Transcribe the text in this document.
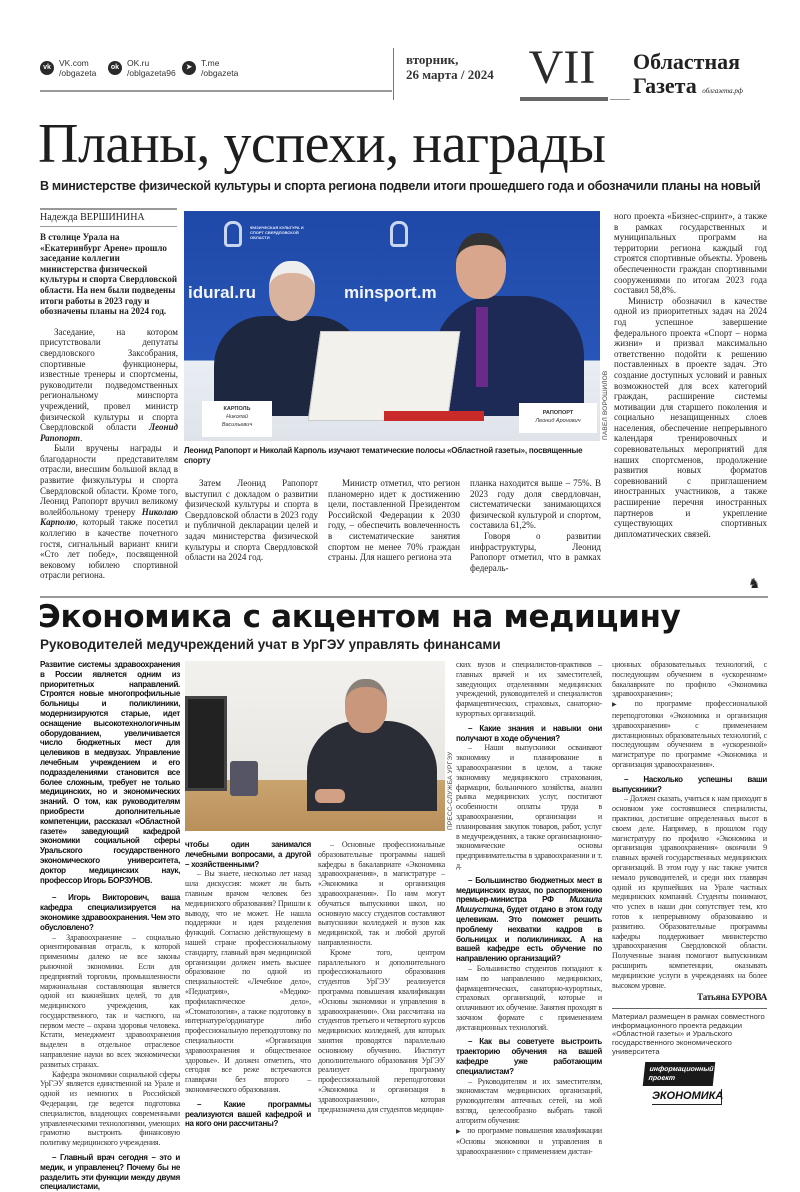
vk VK.com
/obgazeta
ok OK.ru
/oblgazeta96
➤	T.me
/obgazeta
вторник,
26 марта / 2024 VII	Областная
Газета облгазета.рф
Планы, успехи, награды
В министерстве физической культуры и спорта региона подвели итоги прошедшего года и обозначили планы на новый
Надежда ВЕРШИНИНА
В столице Урала на «Екатеринбург Арене» прошло заседание коллегии министерства физической культуры и спорта Свердловской области. На нем были подведены итоги работы в 2023 году и обозначены планы на 2024 год.

Заседание, на котором присутствовали депутаты свердловского Заксобрания, спортивные функционеры, известные тренеры и спортсмены, руководители подведомственных региональному минспорта учреждений, провел министр физической культуры и спорта Свердловской области Леонид Рапопорт.

Были вручены награды и благодарности представителям отрасли, внесшим большой вклад в развитие физкультуры и спорта Свердловской области. Кроме того, Леонид Рапопорт вручил великому волейбольному тренеру Николаю Карполю, который также посетил коллегию в качестве почетного гостя, сигнальный вариант книги «Сто лет побед», посвященной вековому юбилею спортивной отрасли региона.

ФИЗИЧЕСКАЯ КУЛЬТУРА И СПОРТ СВЕРДЛОВСКОЙ ОБЛАСТИ
idural.ru	minsport.m
КАРПОЛЬ
Николай
Васильевич
РАПОПОРТ
Леонид Аронович	ПАВЕЛ ВОРОШИЛОВ
Леонид Рапопорт и Николай Карполь изучают тематические полосы «Областной газеты», посвященные спорту

Затем Леонид Рапопорт выступил с докладом о развитии физической культуры и спорта в Свердловской области в 2023 году и публичной декларации целей и задач министерства физической культуры и спорта Свердловской области на 2024 год.

Министр отметил, что регион планомерно идет к достижению цели, поставленной Президентом Российской Федерации к 2030 году, – обеспечить вовлеченность в систематические занятия спортом не менее 70% граждан страны. Для нашего региона эта

планка находится выше – 75%. В 2023 году доля свердловчан, систематически занимающихся физической культурой и спортом, составила 61,2%.

Говоря о развитии инфраструктуры, Леонид Рапопорт отметил, что в рамках федераль-

ного проекта «Бизнес-спринт», а также в рамках государственных и муниципальных программ на территории региона каждый год строятся спортивные объекты. Уровень обеспеченности граждан спортивными сооружениями по итогам 2023 года составил 58,8%.

Министр обозначил в качестве одной из приоритетных задач на 2024 год успешное завершение федерального проекта «Спорт – норма жизни» и призвал максимально ответственно подойти к решению поставленных в проекте задач. Это создание доступных условий и равных возможностей для всех категорий граждан, расширение системы мотивации для старшего поколения и социально незащищенных слоев населения, обеспечение непрерывного календаря тренировочных и соревновательных мероприятий для наших спортсменов, продолжение развития новых форматов соревнований с приглашением иностранных участников, а также расширение перечня иностранных партнеров и укрепление существующих спортивных дипломатических связей.

♞
Экономика с акцентом на медицину
Руководителей медучреждений учат в УрГЭУ управлять финансами
Развитие системы здравоохранения в России является одним из приоритетных направлений. Строятся новые многопрофильные больницы и поликлиники, модернизируются старые, идет оснащение высокотехнологичным оборудованием, увеличивается число бюджетных мест для целевиков в медвузах. Управление лечебным учреждением и его подразделениями становится все более сложным, требует не только медицинских, но и экономических знаний. О том, как руководителям приобрести дополнительные компетенции, рассказал «Областной газете» заведующий кафедрой экономики социальной сферы Уральского государственного экономического университета, доктор медицинских наук, профессор Игорь БОРЗУНОВ.
– Игорь Викторович, ваша кафедра специализируется на экономике здравоохранения. Чем это обусловлено?

– Здравоохранение – социально ориентированная отрасль, к которой применимы далеко не все законы рыночной экономики. Если для предприятий торговли, промышленности маржинальная составляющая является одной из важнейших целей, то для медицинского учреждения, как государственного, так и частного, на первом месте – охрана здоровья человека. Кстати, менеджмент здравоохранения выделен в отдельное отраслевое направление науки во всех экономически развитых странах.

Кафедра экономики социальной сферы УрГЭУ является единственной на Урале и одной из немногих в Российской Федерации, где ведется подготовка специалистов, владеющих современными управленческими технологиями, умеющих грамотно выстроить финансовую политику медицинского учреждения.

– Главный врач сегодня – это и медик, и управленец? Почему бы не разделить эти функции между двумя специалистами,
ПРЕСС-СЛУЖБА УРГЭУ
чтобы один занимался лечебными вопросами, а другой – хозяйственными?

– Вы знаете, несколько лет назад шла дискуссия: может ли быть главным врачом человек без медицинского образования? Пришли к выводу, что не может. Не нашла поддержки и идея разделения функций. Согласно действующему в нашей стране профессиональному стандарту, главный врач медицинской организации должен иметь высшее образование по одной из специальностей: «Лечебное дело», «Педиатрия», «Медико-профилактическое дело», «Стоматология», а также подготовку в интернатуре/ординатуре либо профессиональную переподготовку по специальности «Организация здравоохранения и общественное здоровье». И должен отметить, что сегодня все реже встречаются главврачи без второго – экономического образования.

– Какие программы реализуются вашей кафедрой и на кого они рассчитаны?

– Основные профессиональные образовательные программы нашей кафедры в бакалавриате «Экономика здравоохранения», в магистратуре – «Экономика и организация здравоохранения». По ним могут обучаться выпускники школ, но основную массу студентов составляют выпускники колледжей и вузов как медицинской, так и любой другой направленности.

Кроме того, центром параллельного и дополнительного профессионального образования студентов УрГЭУ реализуется программа повышения квалификации «Основы экономики и управления в здравоохранении». Она рассчитана на студентов третьего и четвертого курсов медицинских колледжей, для которых занятия проводятся параллельно основному обучению. Институт дополнительного образования УрГЭУ реализует программу профессиональной переподготовки «Экономика и организация в здравоохранении», которая предназначена для студентов медицин-

ских вузов и специалистов-практиков – главных врачей и их заместителей, заведующих отделениями медицинских учреждений, руководителей и специалистов фармацевтических, страховых, санаторно-курортных организаций.

– Какие знания и навыки они получают в ходе обучения?

– Наши выпускники осваивают экономику и планирование в здравоохранении в целом, а также экономику медицинского страхования, фармации, больничного хозяйства, анализ рынка медицинских услуг, постигают особенности оплаты труда в здравоохранении, организации и планирования закупок товаров, работ, услуг в медучреждениях, а также организационно-экономические основы предпринимательства в здравоохранении и т. д.

– Большинство бюджетных мест в медицинских вузах, по распоряжению премьер-министра РФ Михаила Мишустина, будет отдано в этом году целевикам. Это поможет решить проблему нехватки кадров в больницах и поликлиниках. А на вашей кафедре есть обучение по направлению организаций?

– Большинство студентов попадают к нам по направлению медицинских, фармацевтических, санаторно-курортных, страховых организаций, которые и оплачивают их обучение. Занятия проходят в заочном формате с применением дистанционных технологий.

– Как вы советуете выстроить траекторию обучения на вашей кафедре уже работающим специалистам?

– Руководителям и их заместителям, экономистам медицинских организаций, руководителям аптечных сетей, на мой взгляд, целесообразно выбрать такой алгоритм обучения:

▶ по программе повышения квалификации «Основы экономики и управления в здравоохранении» с применением дистан-

ционных образовательных технологий, с последующим обучением в «ускоренном» бакалавриате по профилю «Экономика здравоохранения»;

▶ по программе профессиональной переподготовки «Экономика и организация здравоохранения» с применением дистанционных образовательных технологий, с последующим обучением в «ускоренной» магистратуре по программе «Экономика и организация здравоохранения».

– Насколько успешны ваши выпускники?

– Должен сказать, учиться к нам приходят в основном уже состоявшиеся специалисты, практики, достигшие определенных высот в своем деле. Например, в прошлом году магистратуру по профилю «Экономика и организация здравоохранения» окончили 9 главных врачей государственных медицинских организаций. В этом году у нас также учится немало руководителей, и среди них главврач одной из крупнейших на Урале частных медицинских компаний. Студенты понимают, что успех в наши дни сопутствует тем, кто готов к непрерывному образованию и развитию. Образовательные программы кафедры поддерживает министерство здравоохранения Свердловской области. Полученные знания помогают выпускникам расширить компетенции, оказывать медицинские услуги в учреждениях на более высоком уровне.

Татьяна БУРОВА
Материал размещен в рамках совместного информационного проекта редакции «Областной газеты» и Уральского государственного экономического университета
информационный проект
ЭКОНОМИКА
